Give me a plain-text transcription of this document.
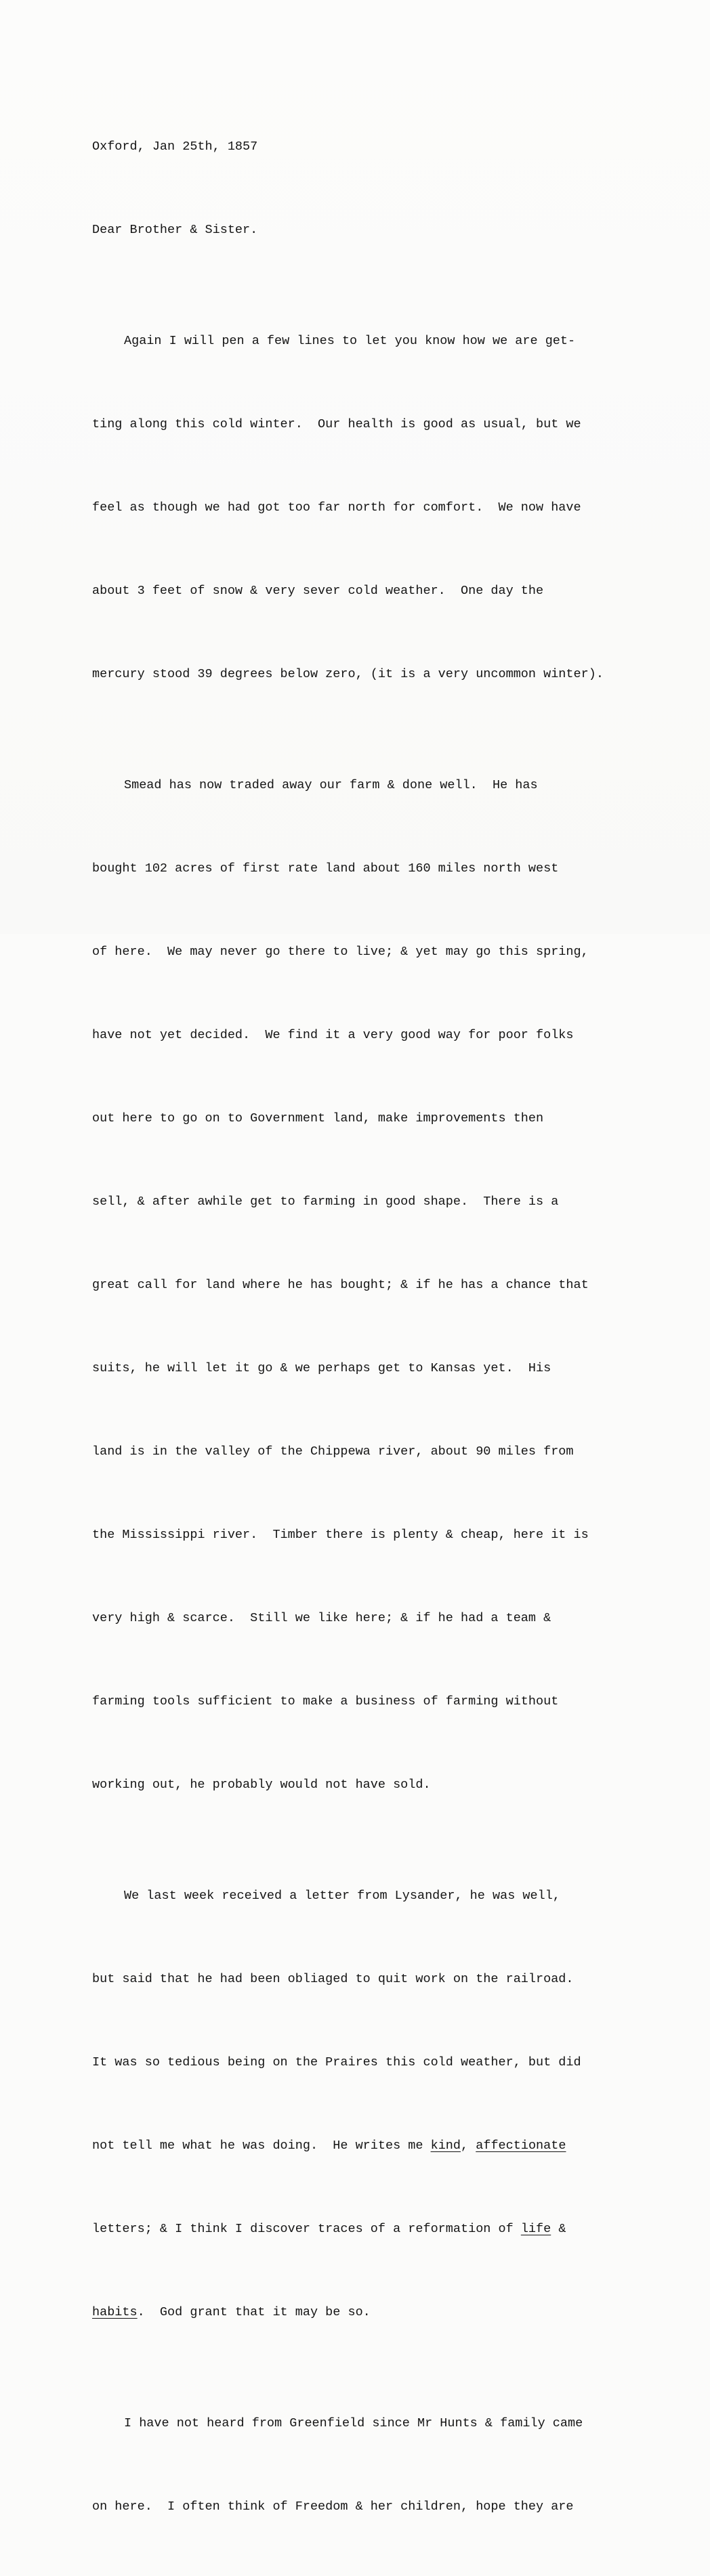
Oxford, Jan 25th, 1857

Dear Brother & Sister.

Again I will pen a few lines to let you know how we are get-

ting along this cold winter.  Our health is good as usual, but we

feel as though we had got too far north for comfort.  We now have

about 3 feet of snow & very sever cold weather.  One day the

mercury stood 39 degrees below zero, (it is a very uncommon winter).

Smead has now traded away our farm & done well.  He has

bought 102 acres of first rate land about 160 miles north west

of here.  We may never go there to live; & yet may go this spring,

have not yet decided.  We find it a very good way for poor folks

out here to go on to Government land, make improvements then

sell, & after awhile get to farming in good shape.  There is a

great call for land where he has bought; & if he has a chance that

suits, he will let it go & we perhaps get to Kansas yet.  His

land is in the valley of the Chippewa river, about 90 miles from

the Mississippi river.  Timber there is plenty & cheap, here it is

very high & scarce.  Still we like here; & if he had a team &

farming tools sufficient to make a business of farming without

working out, he probably would not have sold.

We last week received a letter from Lysander, he was well,

but said that he had been obliaged to quit work on the railroad.

It was so tedious being on the Praires this cold weather, but did

not tell me what he was doing.  He writes me kind, affectionate

letters; & I think I discover traces of a reformation of life &

habits.  God grant that it may be so.

I have not heard from Greenfield since Mr Hunts & family came

on here.  I often think of Freedom & her children, hope they are
